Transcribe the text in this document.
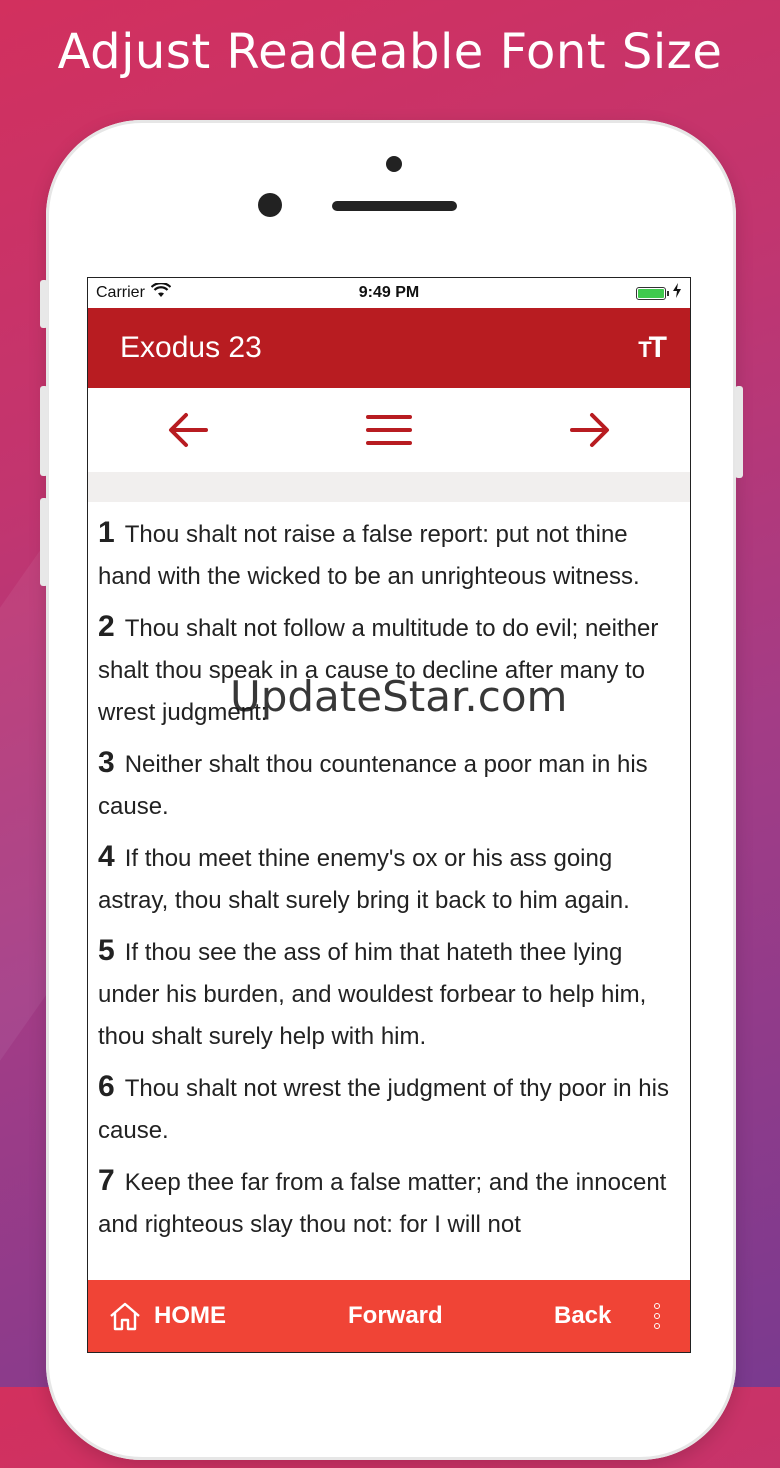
Adjust Readeable Font Size
Carrier	9:49 PM
Exodus 23	TT
1 Thou shalt not raise a false report: put not thine hand with the wicked to be an unrighteous witness.
2 Thou shalt not follow a multitude to do evil; neither shalt thou speak in a cause to decline after many to wrest judgment:
3 Neither shalt thou countenance a poor man in his cause.
4 If thou meet thine enemy's ox or his ass going astray, thou shalt surely bring it back to him again.
5 If thou see the ass of him that hateth thee lying under his burden, and wouldest forbear to help him, thou shalt surely help with him.
6 Thou shalt not wrest the judgment of thy poor in his cause.
7 Keep thee far from a false matter; and the innocent and righteous slay thou not: for I will not
HOME	Forward	Back
UpdateStar.com
